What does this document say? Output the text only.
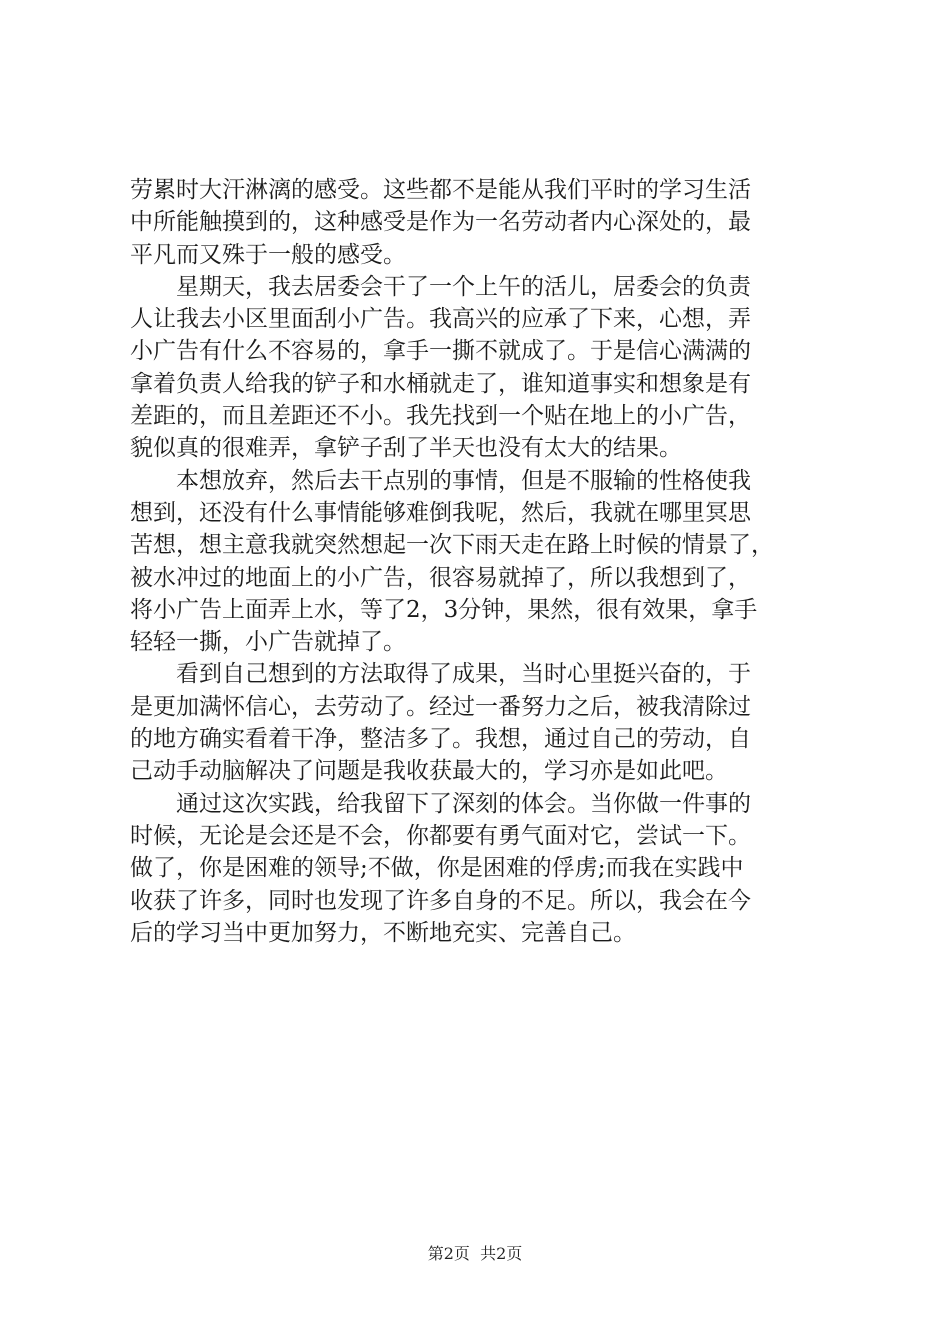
劳累时大汗淋漓的感受。这些都不是能从我们平时的学习生活
中所能触摸到的，这种感受是作为一名劳动者内心深处的，最
平凡而又殊于一般的感受。
星期天，我去居委会干了一个上午的活儿，居委会的负责
人让我去小区里面刮小广告。我高兴的应承了下来，心想，弄
小广告有什么不容易的，拿手一撕不就成了。于是信心满满的
拿着负责人给我的铲子和水桶就走了，谁知道事实和想象是有
差距的，而且差距还不小。我先找到一个贴在地上的小广告，
貌似真的很难弄，拿铲子刮了半天也没有太大的结果。
本想放弃，然后去干点别的事情，但是不服输的性格使我
想到，还没有什么事情能够难倒我呢，然后，我就在哪里冥思
苦想，想主意我就突然想起一次下雨天走在路上时候的情景了，
被水冲过的地面上的小广告，很容易就掉了，所以我想到了，
将小广告上面弄上水，等了2，3分钟，果然，很有效果，拿手
轻轻一撕，小广告就掉了。
看到自己想到的方法取得了成果，当时心里挺兴奋的，于
是更加满怀信心，去劳动了。经过一番努力之后，被我清除过
的地方确实看着干净，整洁多了。我想，通过自己的劳动，自
己动手动脑解决了问题是我收获最大的，学习亦是如此吧。
通过这次实践，给我留下了深刻的体会。当你做一件事的
时候，无论是会还是不会，你都要有勇气面对它，尝试一下。
做了，你是困难的领导;不做，你是困难的俘虏;而我在实践中
收获了许多，同时也发现了许多自身的不足。所以，我会在今
后的学习当中更加努力，不断地充实、完善自己。
第2页 共2页
